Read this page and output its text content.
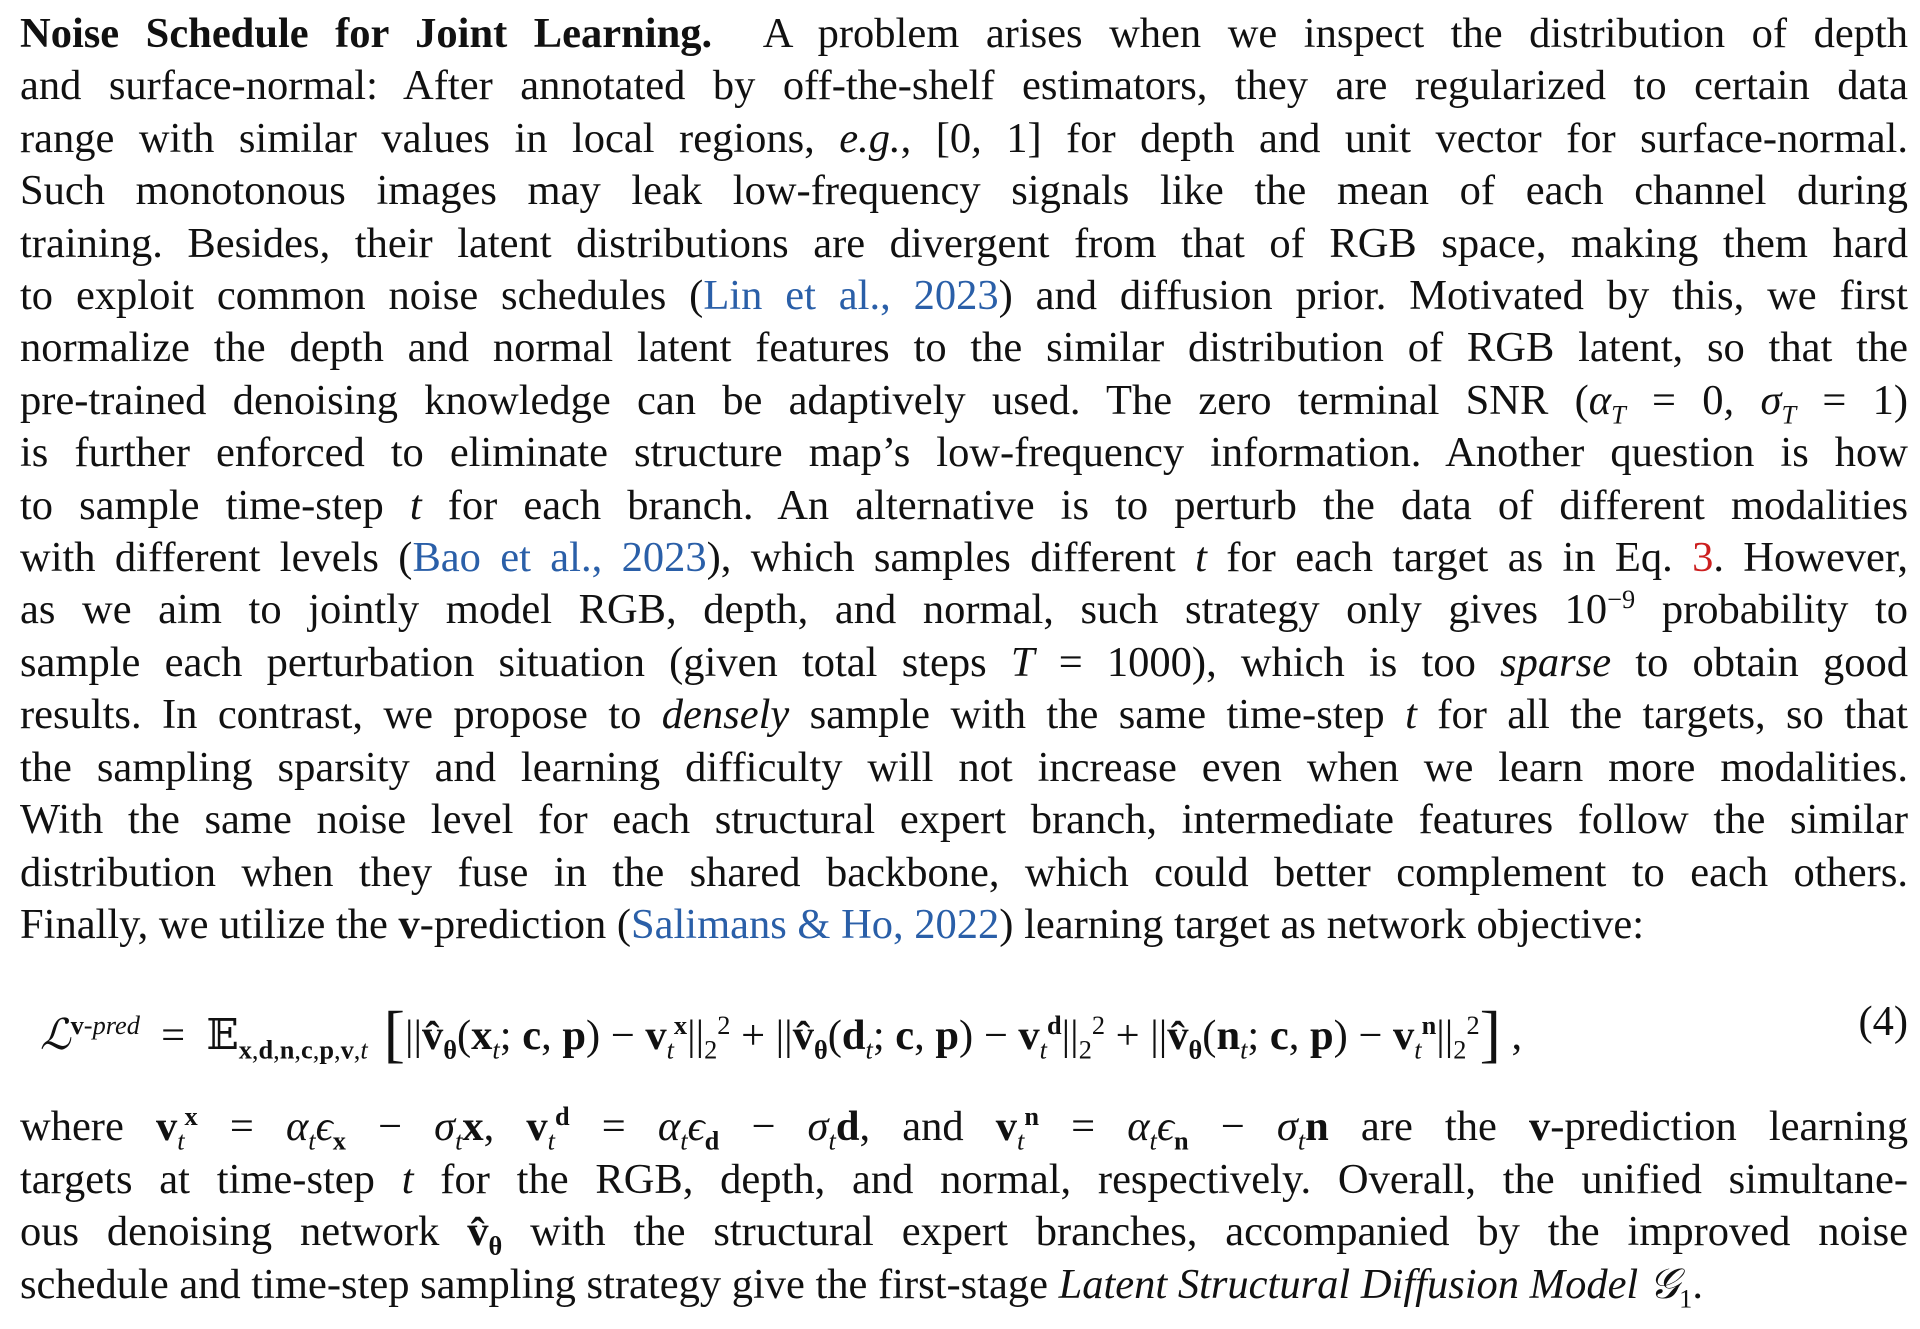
Noise Schedule for Joint Learning.  A problem arises when we inspect the distribution of depth
and surface-normal: After annotated by off-the-shelf estimators, they are regularized to certain data
range with similar values in local regions, e.g., [0, 1] for depth and unit vector for surface-normal.
Such monotonous images may leak low-frequency signals like the mean of each channel during
training. Besides, their latent distributions are divergent from that of RGB space, making them hard
to exploit common noise schedules (Lin et al., 2023) and diffusion prior. Motivated by this, we first
normalize the depth and normal latent features to the similar distribution of RGB latent, so that the
pre-trained denoising knowledge can be adaptively used. The zero terminal SNR ($\alpha_T = 0$, $\sigma_T = 1$)
is further enforced to eliminate structure map’s low-frequency information. Another question is how
to sample time-step t for each branch. An alternative is to perturb the data of different modalities
with different levels (Bao et al., 2023), which samples different t for each target as in Eq. 3. However,
as we aim to jointly model RGB, depth, and normal, such strategy only gives $10^{-9}$ probability to
sample each perturbation situation (given total steps T = 1000), which is too sparse to obtain good
results. In contrast, we propose to densely sample with the same time-step t for all the targets, so that
the sampling sparsity and learning difficulty will not increase even when we learn more modalities.
With the same noise level for each structural expert branch, intermediate features follow the similar
distribution when they fuse in the shared backbone, which could better complement to each others.
Finally, we utilize the v-prediction (Salimans & Ho, 2022) learning target as network objective:

ℒ$^{v-pred}$  =  𝔼$_{x,d,n,c,p,v,t}$ [$||v̂_\theta(x_t$; c, $p) - v_t^x||_2^2$ + $||v̂_\theta(d_t$; c, $p) - v_t^d||_2^2$ + $||v̂_\theta(n_t$; c, $p) - v_t^n||_2^2$] ,	(4)

where $v_t^x = \alpha_t\epsilon_x - \sigma_tx$, $v_t^d = \alpha_t\epsilon_d - \sigma_td$, and $v_t^n = \alpha_t\epsilon_n - \sigma_tn$ are the v-prediction learning
targets at time-step t for the RGB, depth, and normal, respectively. Overall, the unified simultane-
ous denoising network $v̂_\theta$ with the structural expert branches, accompanied by the improved noise
schedule and time-step sampling strategy give the first-stage Latent Structural Diffusion Model 𝒢$_1$.
